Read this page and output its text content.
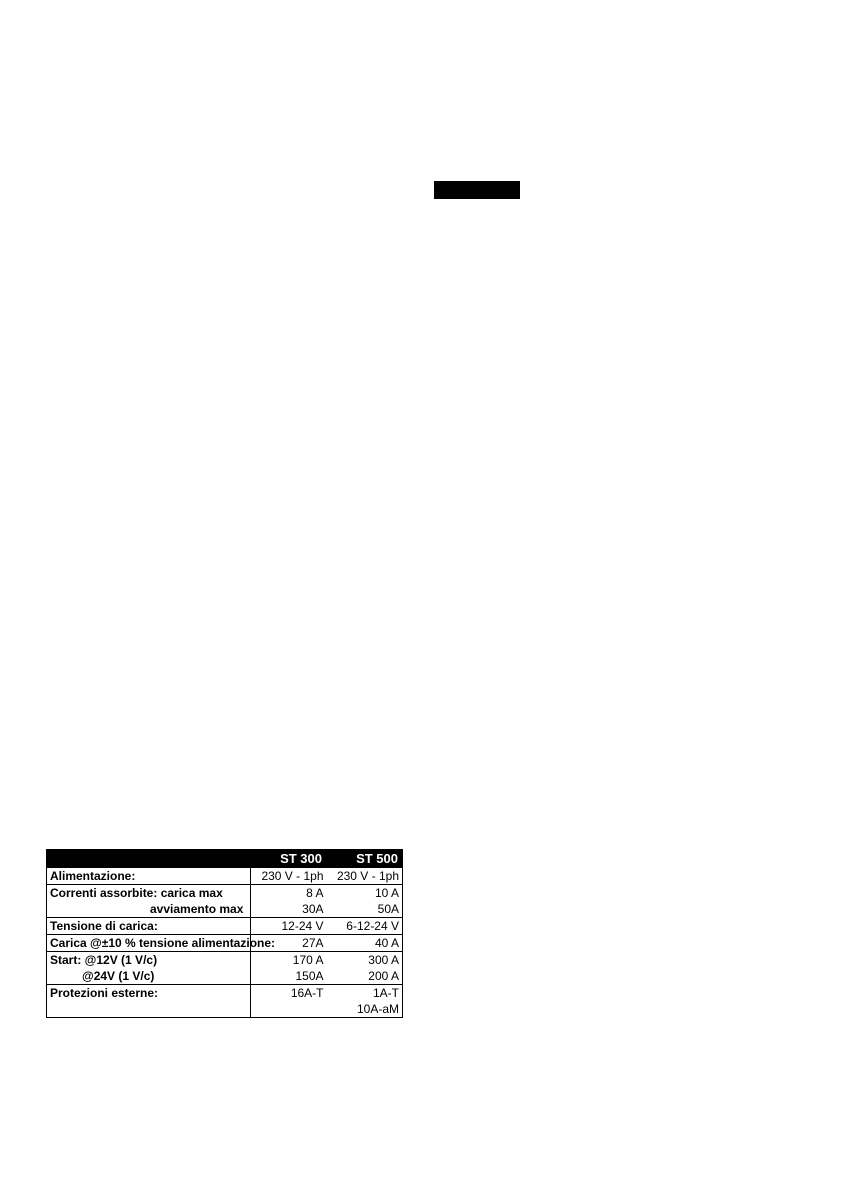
	ST 300	ST 500
Alimentazione:	230 V - 1ph	230 V - 1ph
Correnti assorbite: carica max	8 A	10 A
avviamento max	30A	50A
Tensione di carica:	12-24 V	6-12-24 V
Carica @±10 % tensione alimentazione:	27A	40 A
Start: @12V (1 V/c)	170 A	300 A
@24V (1 V/c)	150A	200 A
Protezioni esterne:	16A-T	1A-T
		10A-aM
